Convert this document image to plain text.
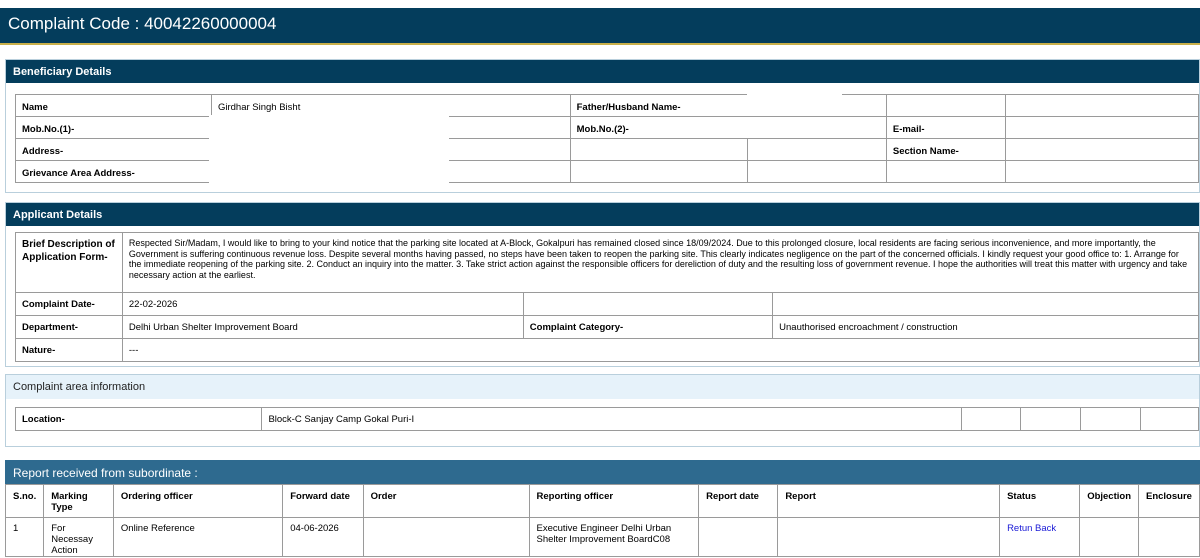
Complaint Code : 40042260000004
Beneficiary Details
Name	Girdhar Singh Bisht	Father/Husband Name-			
Mob.No.(1)-		Mob.No.(2)-		E-mail-	
Address-				Section Name-	
Grievance Area Address-					
Applicant Details
Brief Description of Application Form-	Respected Sir/Madam, I would like to bring to your kind notice that the parking site located at A-Block, Gokalpuri has remained closed since 18/09/2024. Due to this prolonged closure, local residents are facing serious inconvenience, and more importantly, the Government is suffering continuous revenue loss. Despite several months having passed, no steps have been taken to reopen the parking site. This clearly indicates negligence on the part of the concerned officials. I kindly request your good office to: 1. Arrange for the immediate reopening of the parking site. 2. Conduct an inquiry into the matter. 3. Take strict action against the responsible officers for dereliction of duty and the resulting loss of government revenue. I hope the authorities will treat this matter with urgency and take necessary action at the earliest.		
Complaint Date-	22-02-2026		
Department-	Delhi Urban Shelter Improvement Board	Complaint Category-	Unauthorised encroachment / construction
Nature-	---		
Complaint area information
Location-	Block-C Sanjay Camp Gokal Puri-I				
Report received from subordinate :
S.no.	Marking Type	Ordering officer	Forward date	Order	Reporting officer	Report date	Report	Status	Objection	Enclosure
1	For Necessay Action	Online Reference	04-06-2026		Executive Engineer Delhi Urban Shelter Improvement BoardC08			Retun Back		
